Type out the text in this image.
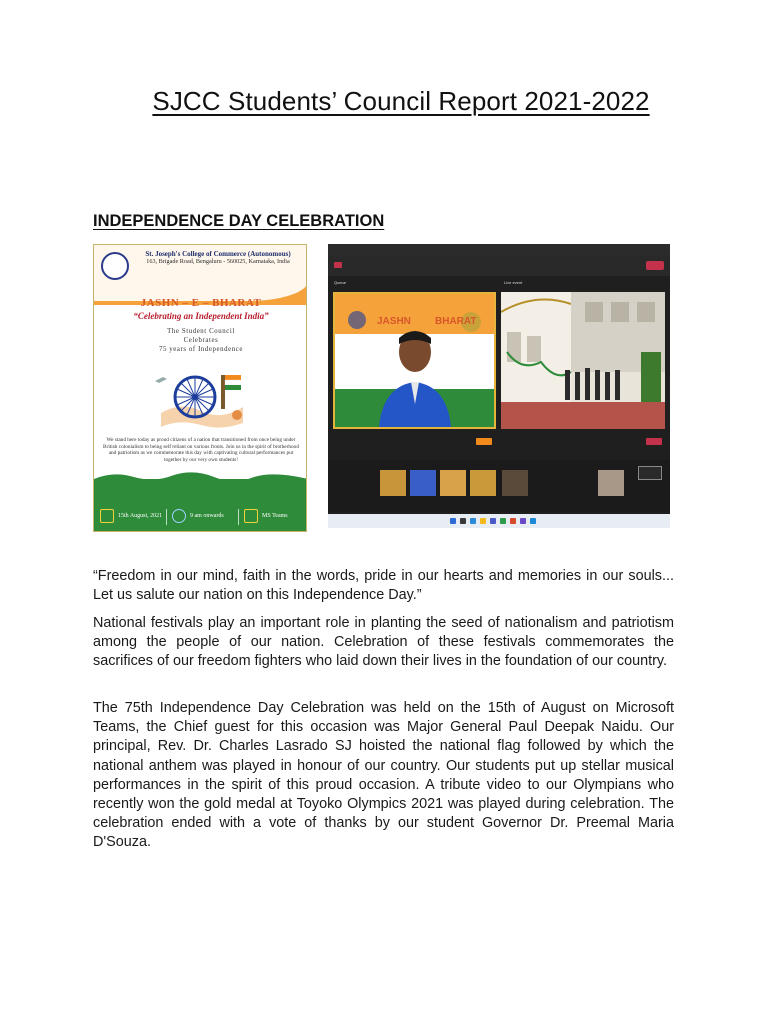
SJCC Students’ Council Report 2021-2022
INDEPENDENCE DAY CELEBRATION
St. Joseph's College of Commerce (Autonomous)
163, Brigade Road, Bengaluru - 560025, Karnataka, India
JASHN – E – BHARAT
“Celebrating an Independent India”
The Student Council
Celebrates
75 years of Independence
We stand here today as proud citizens of a nation that transitioned from once being under British colonialism to being self reliant on various fronts. Join us in the spirit of brotherhood and patriotism as we commemorate this day with captivating cultural performances put together by our very own students!
15th August, 2021	9 am onwards	MS Teams
Queue	Live event
JASHN BHARAT
“Freedom in our mind, faith in the words, pride in our hearts and memories in our souls... Let us salute our nation on this Independence Day.”
National festivals play an important role in planting the seed of nationalism and patriotism among the people of our nation. Celebration of these festivals commemorates the sacrifices of our freedom fighters who laid down their lives in the foundation of our country.
The 75th Independence Day Celebration was held on the 15th of August on Microsoft Teams, the Chief guest for this occasion was Major General Paul Deepak Naidu. Our principal, Rev. Dr. Charles Lasrado SJ hoisted the national flag followed by which the national anthem was played in honour of our country. Our students put up stellar musical performances in the spirit of this proud occasion. A tribute video to our Olympians who recently won the gold medal at Toyoko Olympics 2021 was played during celebration. The celebration ended with a vote of thanks by our student Governor Dr. Preemal Maria D'Souza.
